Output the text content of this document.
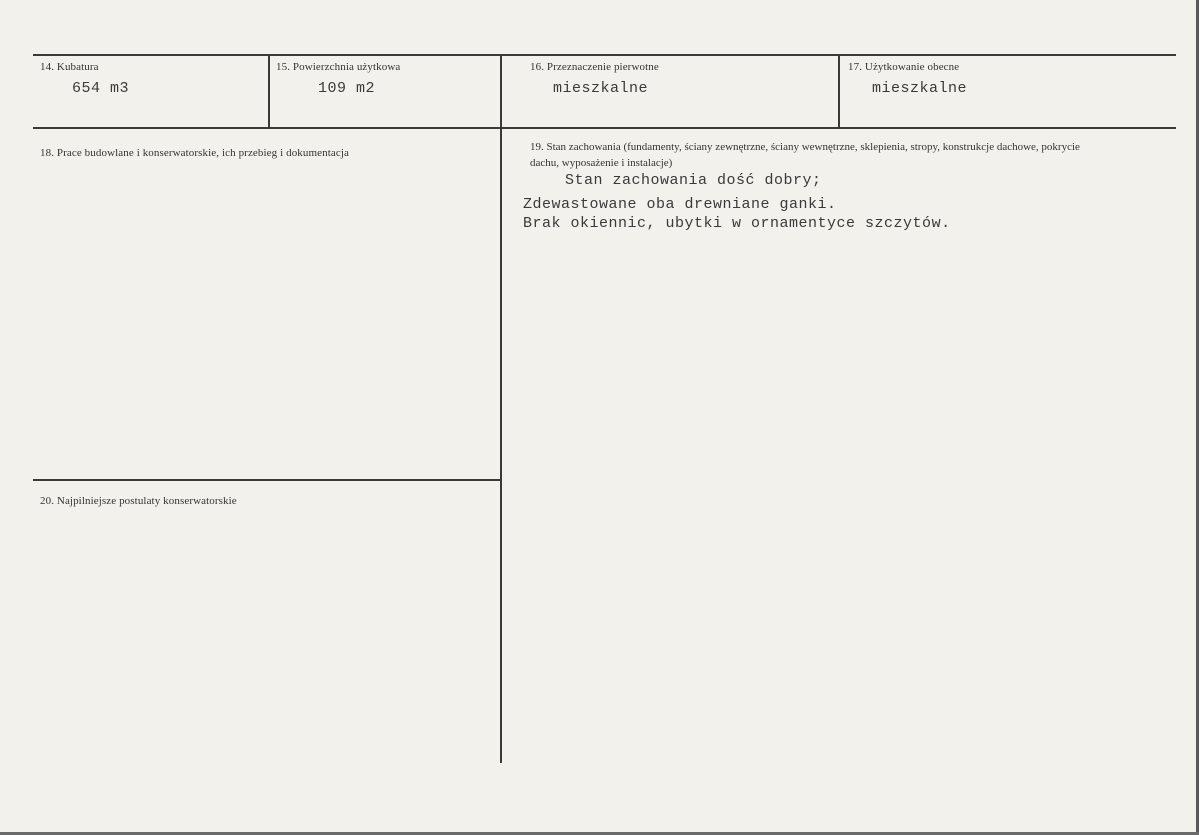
14. Kubatura
654 m3
15. Powierzchnia użytkowa
109 m2
16. Przeznaczenie pierwotne
mieszkalne
17. Użytkowanie obecne
mieszkalne
18. Prace budowlane i konserwatorskie, ich przebieg i dokumentacja	19. Stan zachowania (fundamenty, ściany zewnętrzne, ściany wewnętrzne, sklepienia, stropy, konstrukcje dachowe, pokrycie dachu, wyposażenie i instalacje)
Stan zachowania dość dobry;
Zdewastowane oba drewniane ganki.
Brak okiennic, ubytki w ornamentyce szczytów.
20. Najpilniejsze postulaty konserwatorskie
